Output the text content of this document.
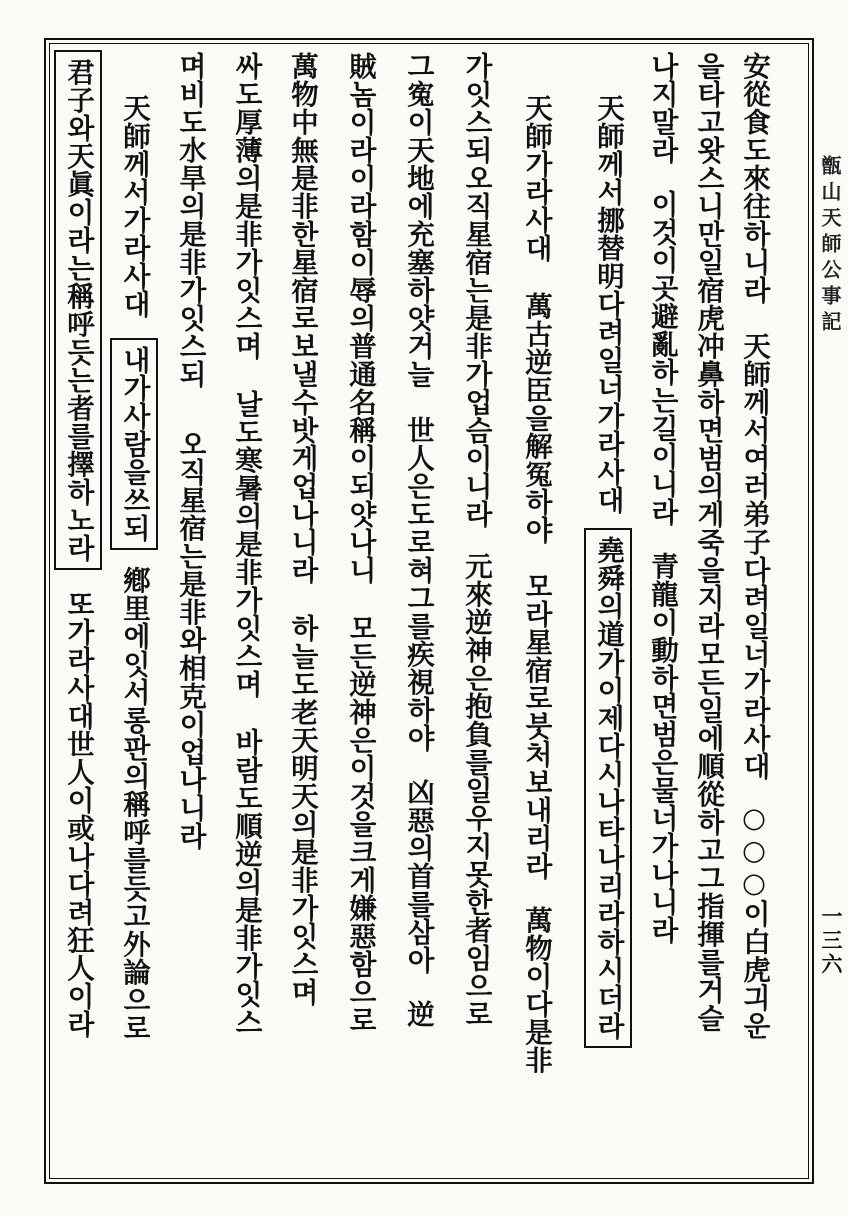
甑山天師公事記
一三六
安從食도來往하니라天師께서여러弟子다려일너가라사대○○○이白虎긔운
을타고왓스니만일宿虎冲鼻하면범의게죽을지라모든일에順從하고그指揮를거슬
나지말라이것이곳避亂하는길이니라青龍이動하면범은물너가나니라
天師께서挪替明다려일너가라사대堯舜의道가이제다시나타나리라하시더라
天師가라사대萬古逆臣을解冤하야모라星宿로붓처보내리라萬物이다是非
가잇스되오직星宿는是非가업슴이니라元來逆神은抱負를일우지못한者임으로
그寃이天地에充塞하얏거늘世人은도로혀그를疾視하야凶惡의首를삼아逆
賊놈이라이라함이辱의普通名稱이되얏나니모든逆神은이것을크게嫌惡함으로
萬物中無是非한星宿로보낼수밧게업나니라하늘도老天明天의是非가잇스며
싸도厚薄의是非가잇스며날도寒暑의是非가잇스며바람도順逆의是非가잇스
며비도水旱의是非가잇스되오직星宿는是非와相克이업나니라
天師께서가라사대내가사람을쓰되鄕里에잇서롱판의稱呼를듯고外論으로
君子와天眞이라는稱呼듯는者를擇하노라또가라사대世人이或나다려狂人이라
